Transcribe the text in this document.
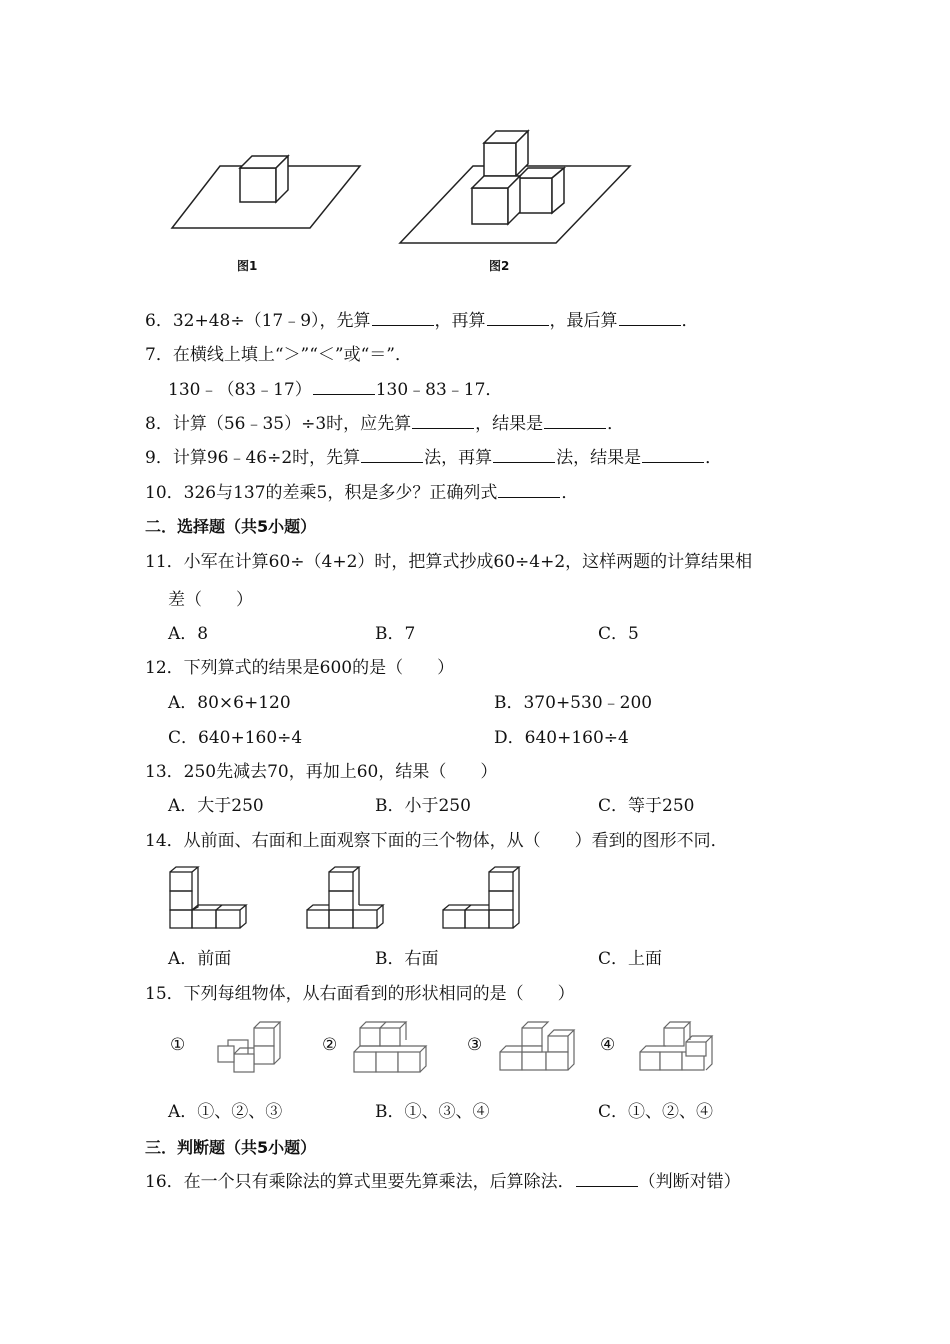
图1	图2
6．32+48÷（17﹣9），先算	，再算	，最后算	．
7．在横线上填上“＞”“＜”或“＝”．
130﹣（83﹣17）	130﹣83﹣17．
8．计算（56﹣35）÷3时，应先算	，结果是	．
9．计算96﹣46÷2时，先算	法，再算	法，结果是	．
10．326与137的差乘5，积是多少？正确列式	．
二．选择题（共5小题）
11．小军在计算60÷（4+2）时，把算式抄成60÷4+2，这样两题的计算结果相
差（　　）
A．8	B．7	C．5
12．下列算式的结果是600的是（　　）
A．80×6+120	B．370+530﹣200
C．640+160÷4	D．640+160÷4
13．250先减去70，再加上60，结果（　　）
A．大于250	B．小于250	C．等于250
14．从前面、右面和上面观察下面的三个物体，从（　　）看到的图形不同．
A．前面	B．右面	C．上面
15．下列每组物体，从右面看到的形状相同的是（　　）
①	②	③	④
A．①、②、③	B．①、③、④	C．①、②、④
三．判断题（共5小题）
16．在一个只有乘除法的算式里要先算乘法，后算除法．	（判断对错）
